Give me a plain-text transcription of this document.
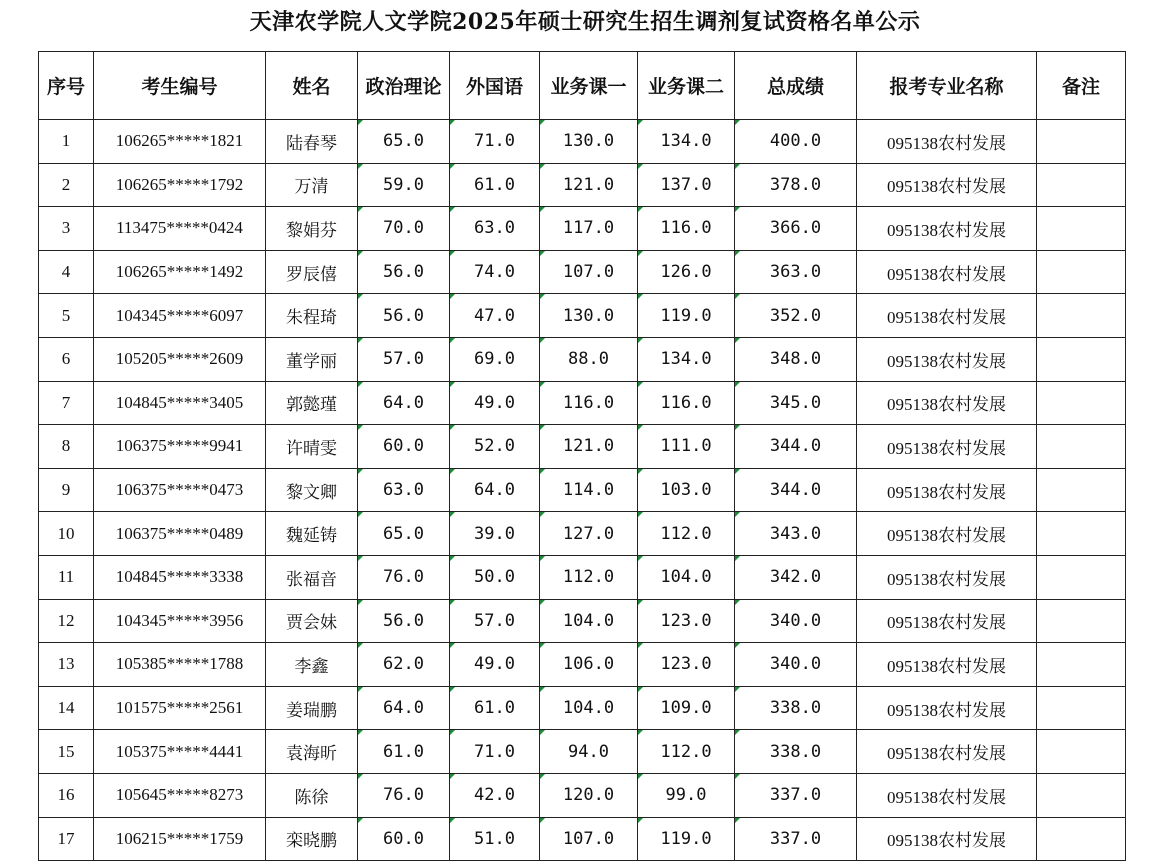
天津农学院人文学院2025年硕士研究生招生调剂复试资格名单公示
序号	考生编号	姓名	政治理论	外国语	业务课一	业务课二	总成绩	报考专业名称	备注
1	106265*****1821	陆春琴	65.0	71.0	130.0	134.0	400.0	095138农村发展	
2	106265*****1792	万清	59.0	61.0	121.0	137.0	378.0	095138农村发展	
3	113475*****0424	黎娟芬	70.0	63.0	117.0	116.0	366.0	095138农村发展	
4	106265*****1492	罗辰僖	56.0	74.0	107.0	126.0	363.0	095138农村发展	
5	104345*****6097	朱程琦	56.0	47.0	130.0	119.0	352.0	095138农村发展	
6	105205*****2609	董学丽	57.0	69.0	88.0	134.0	348.0	095138农村发展	
7	104845*****3405	郭懿瑾	64.0	49.0	116.0	116.0	345.0	095138农村发展	
8	106375*****9941	许晴雯	60.0	52.0	121.0	111.0	344.0	095138农村发展	
9	106375*****0473	黎文卿	63.0	64.0	114.0	103.0	344.0	095138农村发展	
10	106375*****0489	魏延铸	65.0	39.0	127.0	112.0	343.0	095138农村发展	
11	104845*****3338	张福音	76.0	50.0	112.0	104.0	342.0	095138农村发展	
12	104345*****3956	贾会妹	56.0	57.0	104.0	123.0	340.0	095138农村发展	
13	105385*****1788	李鑫	62.0	49.0	106.0	123.0	340.0	095138农村发展	
14	101575*****2561	姜瑞鹏	64.0	61.0	104.0	109.0	338.0	095138农村发展	
15	105375*****4441	袁海昕	61.0	71.0	94.0	112.0	338.0	095138农村发展	
16	105645*****8273	陈徐	76.0	42.0	120.0	99.0	337.0	095138农村发展	
17	106215*****1759	栾晓鹏	60.0	51.0	107.0	119.0	337.0	095138农村发展	
